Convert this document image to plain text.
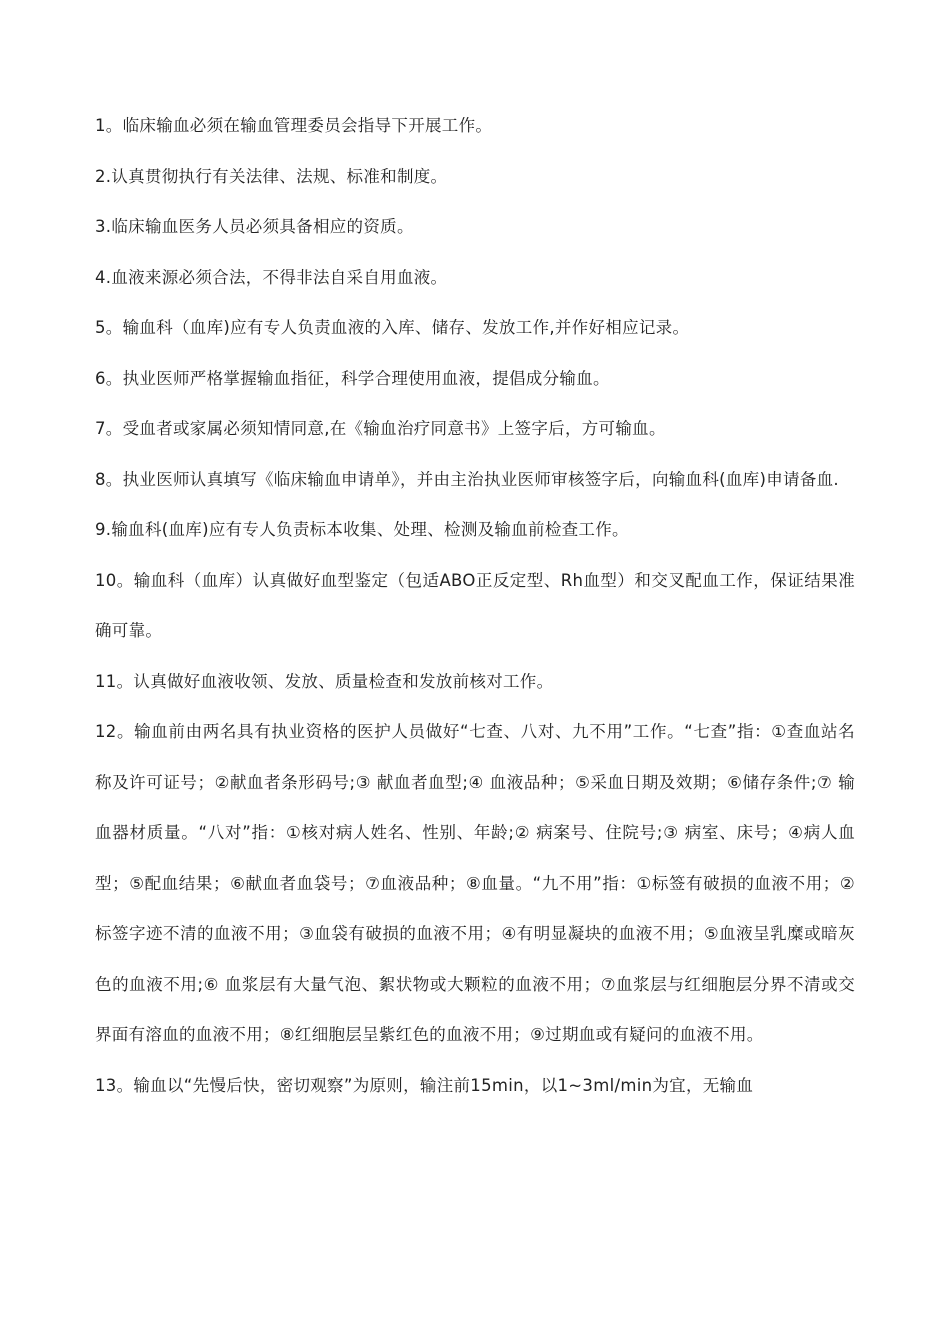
1。临床输血必须在输血管理委员会指导下开展工作。

2.认真贯彻执行有关法律、法规、标准和制度。

3.临床输血医务人员必须具备相应的资质。

4.血液来源必须合法，不得非法自采自用血液。

5。输血科（血库)应有专人负责血液的入库、储存、发放工作,并作好相应记录。

6。执业医师严格掌握输血指征，科学合理使用血液，提倡成分输血。

7。受血者或家属必须知情同意,在《输血治疗同意书》上签字后，方可输血。

8。执业医师认真填写《临床输血申请单》，并由主治执业医师审核签字后，向输血科(血库)申请备血.

9.输血科(血库)应有专人负责标本收集、处理、检测及输血前检查工作。

10。输血科（血库）认真做好血型鉴定（包适ABO正反定型、Rh血型）和交叉配血工作，保证结果准确可靠。

11。认真做好血液收领、发放、质量检查和发放前核对工作。

12。输血前由两名具有执业资格的医护人员做好“七查、八对、九不用”工作。“七查”指：①查血站名称及许可证号；②献血者条形码号;③ 献血者血型;④ 血液品种；⑤采血日期及效期；⑥储存条件;⑦ 输血器材质量。“八对”指：①核对病人姓名、性别、年龄;② 病案号、住院号;③ 病室、床号；④病人血型；⑤配血结果；⑥献血者血袋号；⑦血液品种；⑧血量。“九不用”指：①标签有破损的血液不用；②标签字迹不清的血液不用；③血袋有破损的血液不用；④有明显凝块的血液不用；⑤血液呈乳糜或暗灰色的血液不用;⑥ 血浆层有大量气泡、絮状物或大颗粒的血液不用；⑦血浆层与红细胞层分界不清或交界面有溶血的血液不用；⑧红细胞层呈紫红色的血液不用；⑨过期血或有疑问的血液不用。

13。输血以“先慢后快，密切观察”为原则，输注前15min，以1~3ml/min为宜，无输血
